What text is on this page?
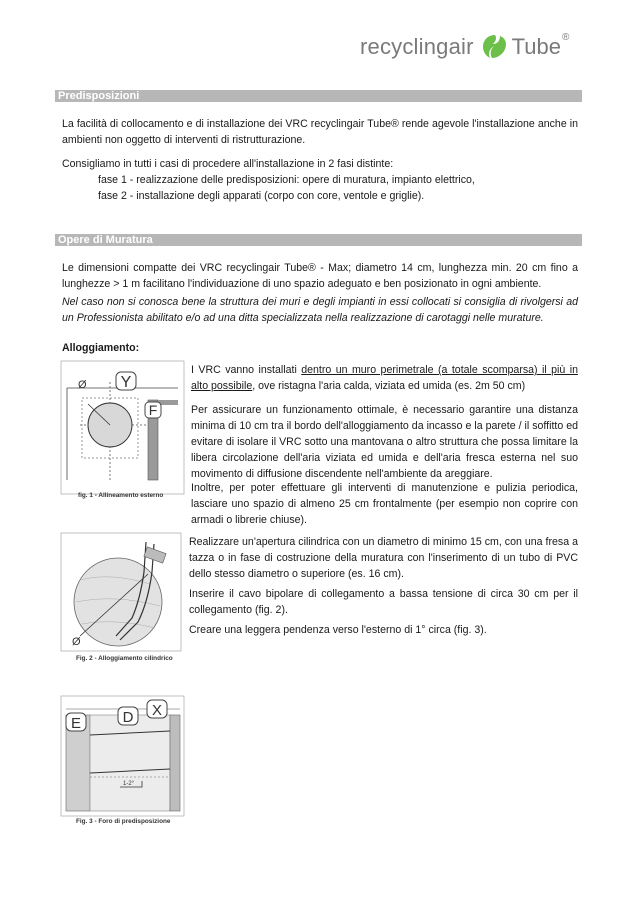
recyclingair Tube ®
Predisposizioni
La facilità di collocamento e di installazione dei VRC recyclingair Tube® rende agevole l'installazione anche in ambienti non oggetto di interventi di ristrutturazione.
Consigliamo in tutti i casi di procedere all'installazione in 2 fasi distinte:
fase 1 - realizzazione delle predisposizioni: opere di muratura, impianto elettrico,
fase 2 - installazione degli apparati (corpo con core, ventole e griglie).
Opere di Muratura
Le dimensioni compatte dei VRC recyclingair Tube® - Max; diametro 14 cm, lunghezza min. 20 cm fino a lunghezze > 1 m facilitano l'individuazione di uno spazio adeguato e ben posizionato in ogni ambiente.
Nel caso non si conosca bene la struttura dei muri e degli impianti in essi collocati si consiglia di rivolgersi ad un Professionista abilitato e/o ad una ditta specializzata nella realizzazione di carotaggi nelle murature.
Alloggiamento:
I VRC vanno installati dentro un muro perimetrale (a totale scomparsa) il più in alto possibile, ove ristagna l'aria calda, viziata ed umida (es. 2m 50 cm)
Per assicurare un funzionamento ottimale, è necessario garantire una distanza minima di 10 cm tra il bordo dell'alloggiamento da incasso e la parete / il soffitto ed evitare di isolare il VRC sotto una mantovana o altro struttura che possa limitare la libera circolazione dell'aria viziata ed umida e dell'aria fresca esterna nel suo movimento di diffusione discendente nell'ambiente da areggiare.
Inoltre, per poter effettuare gli interventi di manutenzione e pulizia periodica, lasciare uno spazio di almeno 25 cm frontalmente (per esempio non coprire con armadi o librerie chiuse).
Y
F
Ø
fig. 1 - Allineamento esterno
Realizzare un'apertura cilindrica con un diametro di minimo 15 cm, con una fresa a tazza o in fase di costruzione della muratura con l'inserimento di un tubo di PVC dello stesso diametro o superiore (es. 16 cm).
Inserire il cavo bipolare di collegamento a bassa tensione di circa 30 cm per il collegamento (fig. 2).
Creare una leggera pendenza verso l'esterno di 1° circa (fig. 3).
Ø
Fig. 2 - Alloggiamento cilindrico
E	D X
1-2°
Fig. 3 - Foro di predisposizione
